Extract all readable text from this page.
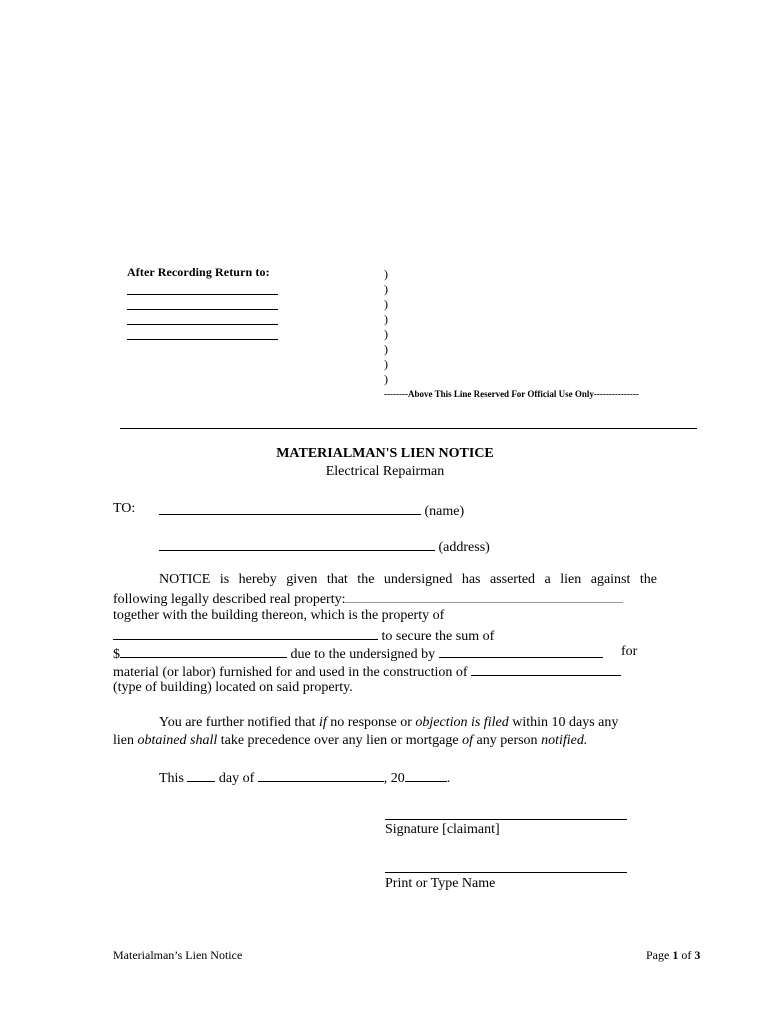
After Recording Return to:	)
)
)
)
)
)
)
)
--------Above This Line Reserved For Official Use Only---------------
MATERIALMAN'S LIEN NOTICE
Electrical Repairman
TO:	(name)
(address)
NOTICE is hereby given that the undersigned has asserted a lien against the
following legally described real property:
together with the building thereon, which is the property of
to secure the sum of
$	due to the undersigned by	for
material (or labor) furnished for and used in the construction of
(type of building) located on said property.
You are further notified that if no response or objection is filed within 10 days any
lien obtained shall take precedence over any lien or mortgage of any person notified.
This	day of	, 20	.
Signature [claimant]
Print or Type Name
Materialman’s Lien Notice	Page 1 of 3
